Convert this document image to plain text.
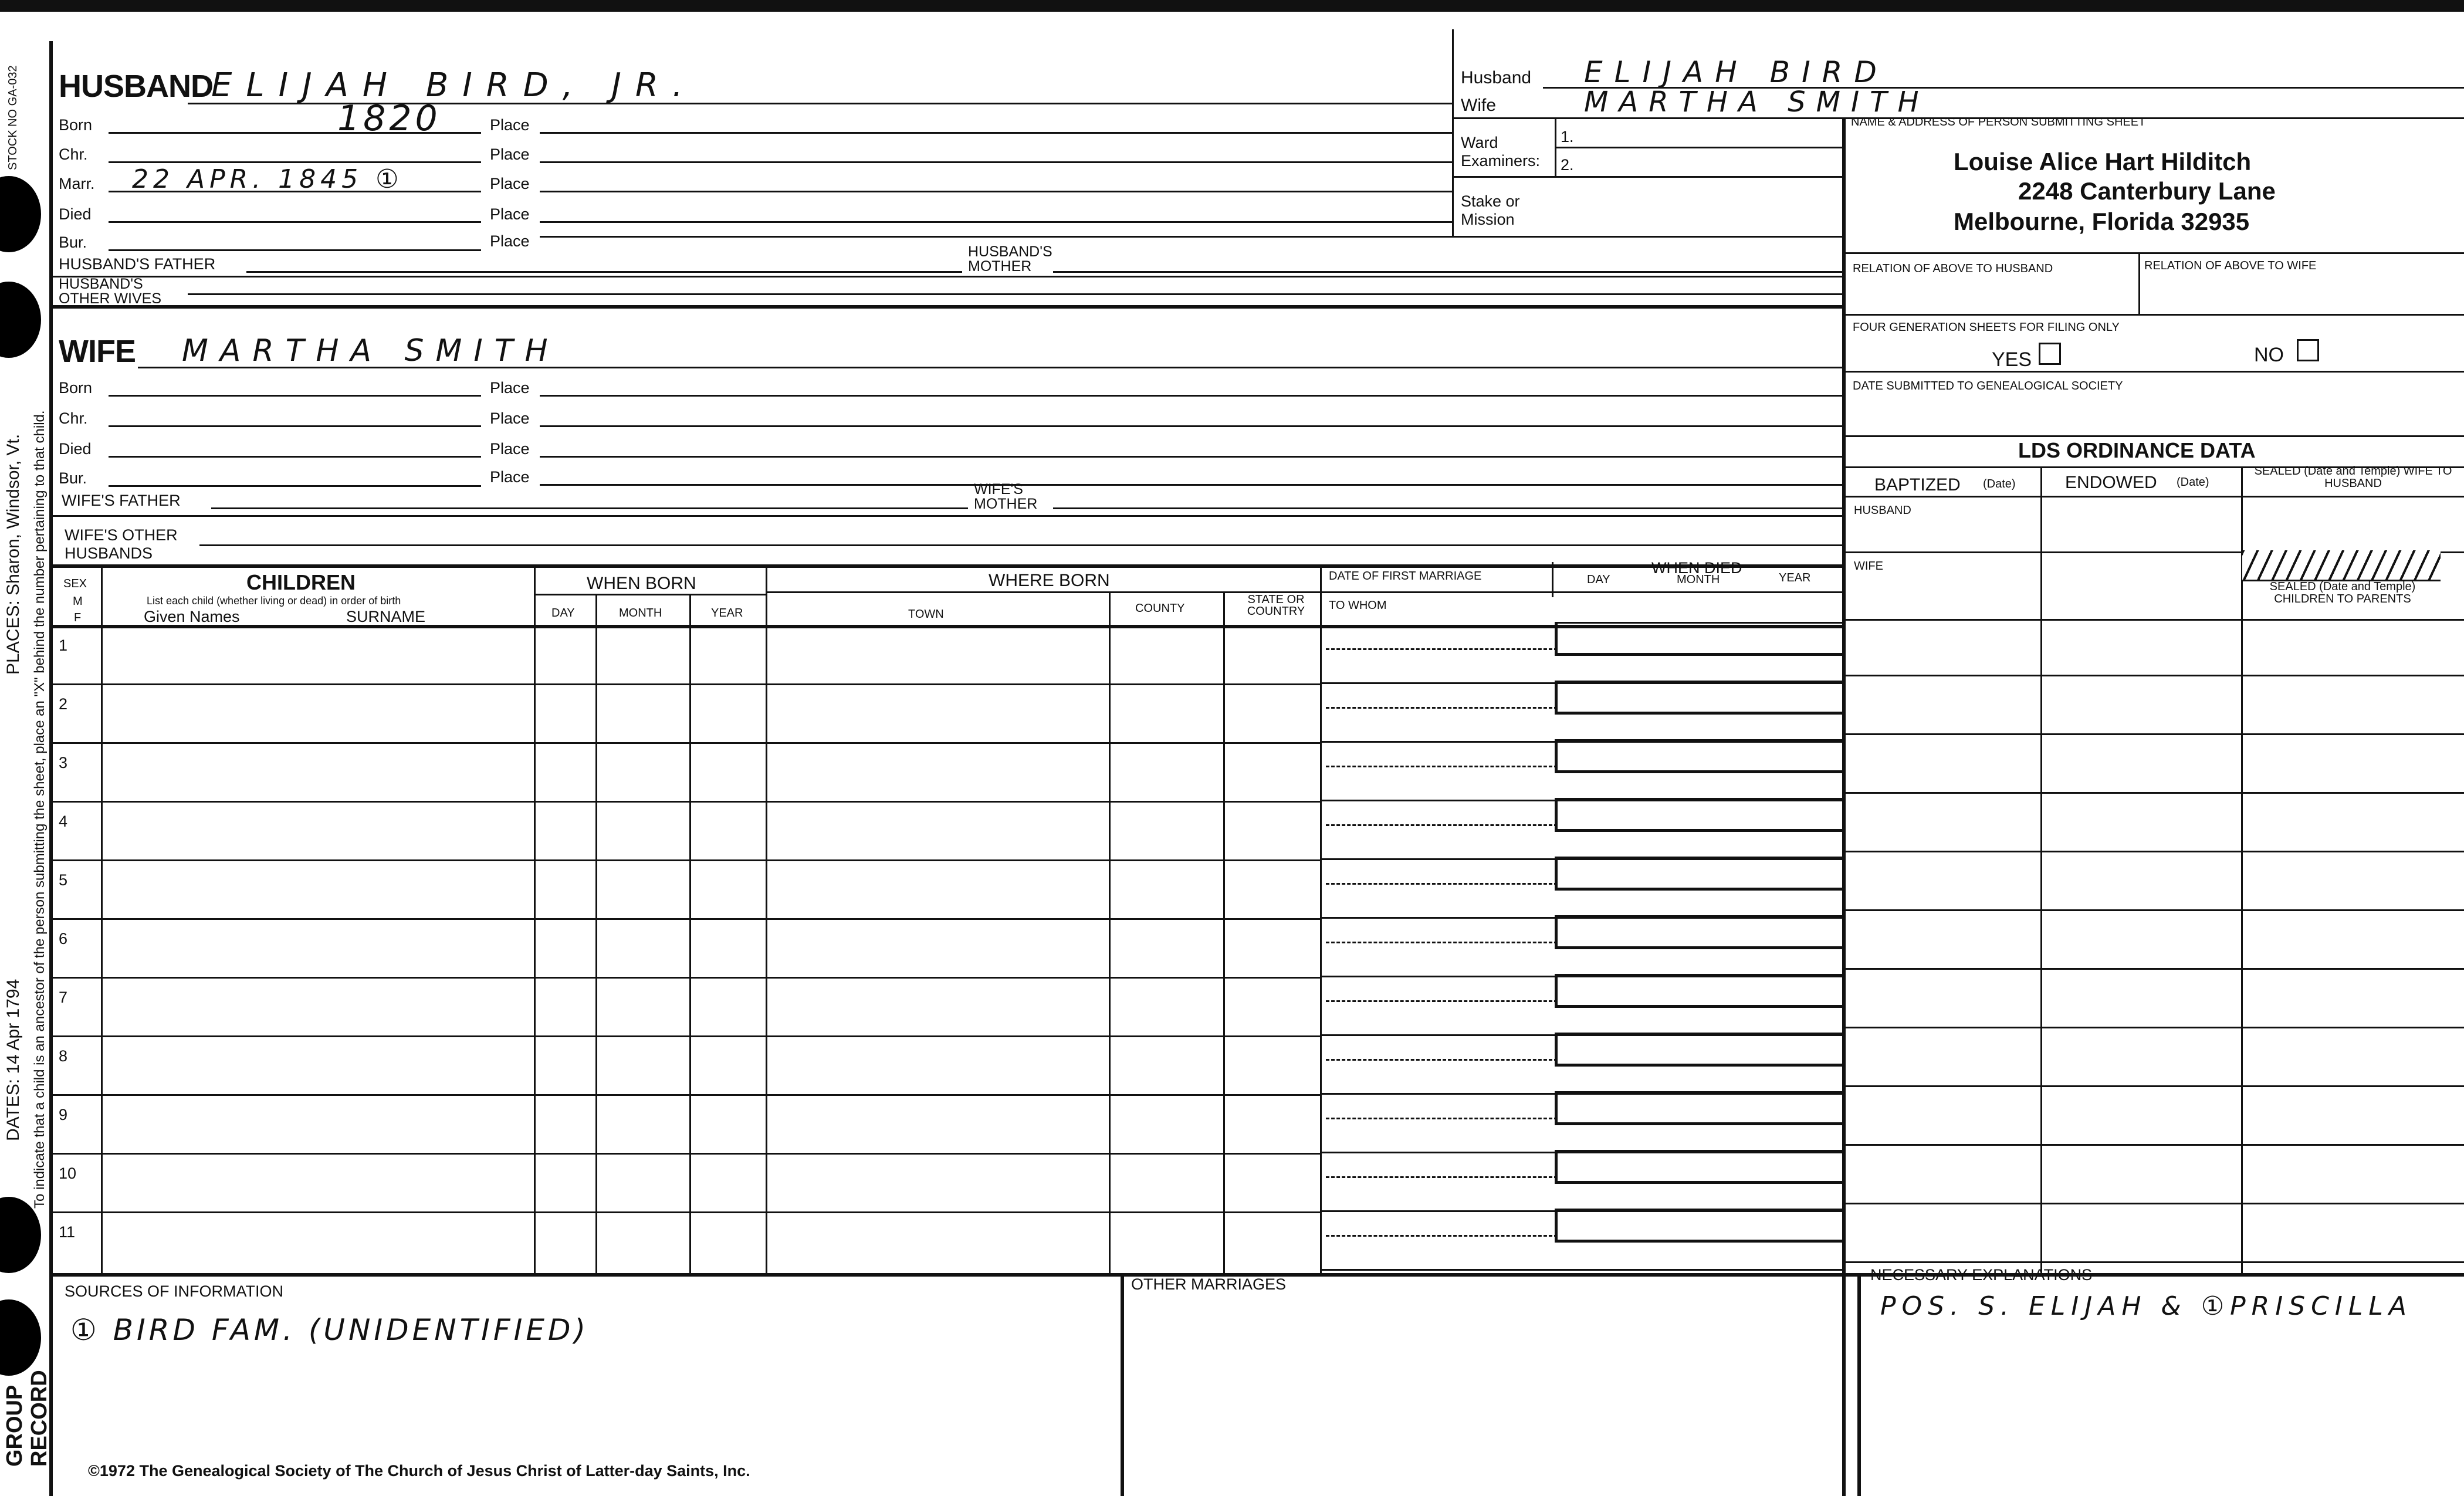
STOCK NO GA-032
PLACES: Sharon, Windsor, Vt.
DATES: 14 Apr 1794 To indicate that a child is an ancestor of the person submitting the sheet, place an "X" behind the number pertaining to that child.
GROUP RECORD
HUSBAND
ELIJAH BIRD, JR.
Born	1820	Place
Chr.	Place
Marr. 22 APR. 1845 ①	Place
Died	Place
Bur.	Place
HUSBAND'S FATHER
HUSBAND'S MOTHER
HUSBAND'S OTHER WIVES
WIFE MARTHA SMITH
Born	Place
Chr.	Place
Died	Place
Bur.	Place
WIFE'S FATHER
WIFE'S MOTHER
WIFE'S OTHER HUSBANDS
Husband ELIJAH BIRD
Wife	MARTHA SMITH
Ward Examiners:
1.
2.
Stake or Mission
NAME & ADDRESS OF PERSON SUBMITTING SHEET
Louise Alice Hart Hilditch
2248 Canterbury Lane
Melbourne, Florida 32935
RELATION OF ABOVE TO HUSBAND	RELATION OF ABOVE TO WIFE
FOUR GENERATION SHEETS FOR FILING ONLY
YES	NO
DATE SUBMITTED TO GENEALOGICAL SOCIETY
LDS ORDINANCE DATA
BAPTIZED (Date)	ENDOWED (Date)
SEALED (Date and Temple) WIFE TO HUSBAND
HUSBAND
WIFE
SEALED (Date and Temple) CHILDREN TO PARENTS
SEX
M
F
CHILDREN
List each child (whether living or dead) in order of birth
Given Names	SURNAME
WHEN BORN
DAY	MONTH	YEAR
WHERE BORN
TOWN	COUNTY
STATE OR COUNTRY
DATE OF FIRST MARRIAGE
TO WHOM
WHEN DIED
DAY	MONTH	YEAR
1
2
3
4
5
6
7
8
9
10
11
SOURCES OF INFORMATION
① BIRD FAM. (UNIDENTIFIED)
OTHER MARRIAGES
NECESSARY EXPLANATIONS
POS. S. ELIJAH & ①PRISCILLA
©1972 The Genealogical Society of The Church of Jesus Christ of Latter-day Saints, Inc.
